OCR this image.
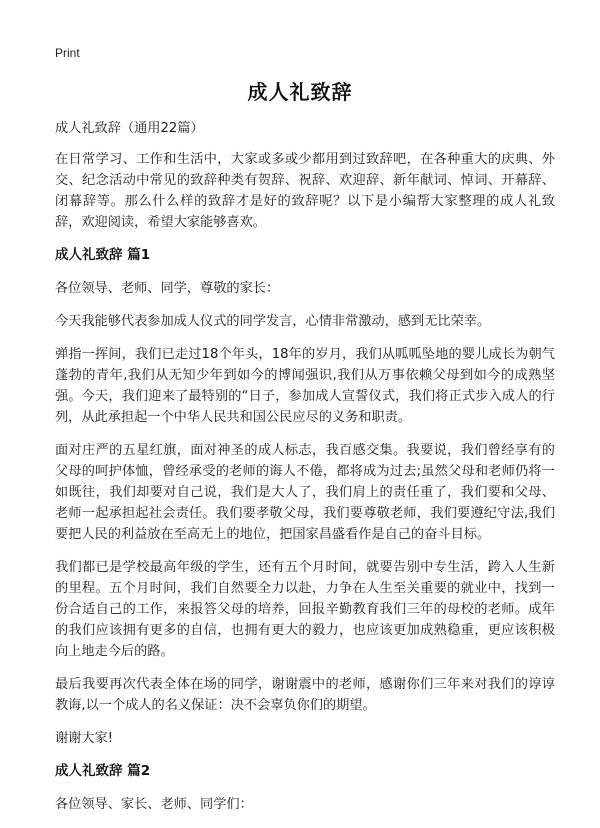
Print
成人礼致辞

成人礼致辞（通用22篇）

在日常学习、工作和生活中，大家或多或少都用到过致辞吧，在各种重大的庆典、外交、纪念活动中常见的致辞种类有贺辞、祝辞、欢迎辞、新年献词、悼词、开幕辞、闭幕辞等。那么什么样的致辞才是好的致辞呢？以下是小编帮大家整理的成人礼致辞，欢迎阅读，希望大家能够喜欢。

成人礼致辞 篇1

各位领导、老师、同学，尊敬的家长：

今天我能够代表参加成人仪式的同学发言，心情非常激动，感到无比荣幸。

弹指一挥间，我们已走过18个年头，18年的岁月，我们从呱呱坠地的婴儿成长为朝气蓬勃的青年,我们从无知少年到如今的博闻强识,我们从万事依赖父母到如今的成熟坚强。今天，我们迎来了最特别的“日子，参加成人宣誓仪式，我们将正式步入成人的行列，从此承担起一个中华人民共和国公民应尽的义务和职责。

面对庄严的五星红旗，面对神圣的成人标志，我百感交集。我要说，我们曾经享有的父母的呵护体恤，曾经承受的老师的诲人不倦，都将成为过去;虽然父母和老师仍将一如既往，我们却要对自己说，我们是大人了，我们肩上的责任重了，我们要和父母、老师一起承担起社会责任。我们要孝敬父母，我们要尊敬老师，我们要遵纪守法,我们要把人民的利益放在至高无上的地位，把国家昌盛看作是自己的奋斗目标。

我们都已是学校最高年级的学生，还有五个月时间，就要告别中专生活，跨入人生新的里程。五个月时间，我们自然要全力以赴，力争在人生至关重要的就业中，找到一份合适自己的工作，来报答父母的培养，回报辛勤教育我们三年的母校的老师。成年的我们应该拥有更多的自信，也拥有更大的毅力，也应该更加成熟稳重，更应该积极向上地走今后的路。

最后我要再次代表全体在场的同学，谢谢震中的老师，感谢你们三年来对我们的谆谆教诲,以一个成人的名义保证：决不会辜负你们的期望。

谢谢大家!

成人礼致辞 篇2

各位领导、家长、老师、同学们：
